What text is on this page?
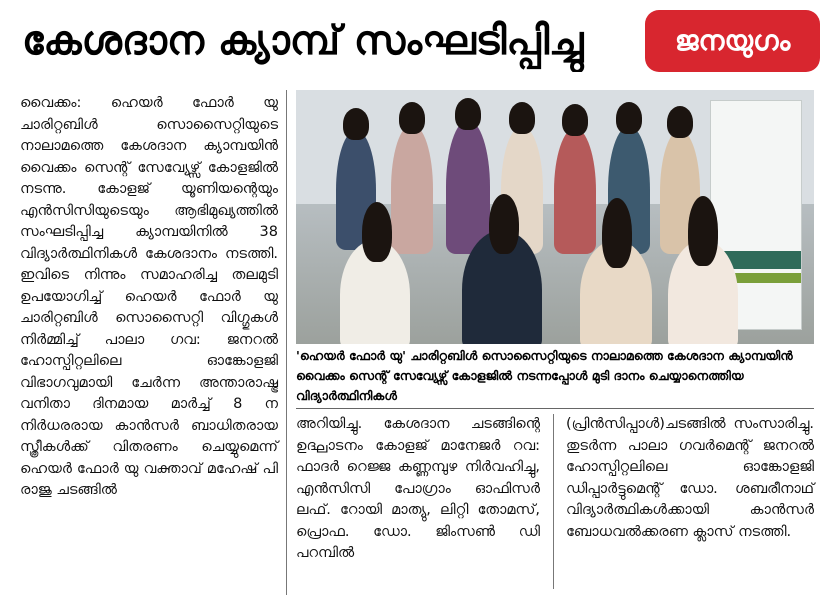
കേശദാന ക്യാമ്പ് സംഘടിപ്പിച്ചു	ജനയുഗം

വൈക്കം: ഹെയർ ഫോർ യു ചാരിറ്റബിൾ സൊസൈറ്റിയുടെ നാലാമത്തെ കേശദാന ക്യാമ്പയിൻ വൈക്കം സെന്റ് സേവ്യേഴ്സ് കോളജിൽ നടന്നു. കോളജ് യൂണിയന്റെയും എൻസിസിയുടെയും ആഭിമുഖ്യത്തിൽ സംഘടിപ്പിച്ച ക്യാമ്പയിനിൽ 38 വിദ്യാർത്ഥിനികൾ കേശദാനം നടത്തി. ഇവിടെ നിന്നും സമാഹരിച്ച തലമുടി ഉപയോഗിച്ച് ഹെയർ ഫോർ യു ചാരിറ്റബിൾ സൊസൈറ്റി വിഗ്ഗുകൾ നിർമ്മിച്ച് പാലാ ഗവ: ജനറൽ ഹോസ്പിറ്റലിലെ ഓങ്കോളജി വിഭാഗവുമായി ചേർന്ന അന്താരാഷ്ട്ര വനിതാ ദിനമായ മാർച്ച് 8 ന നിർധരരായ കാൻസർ ബാധിതരായ സ്ത്രീകൾക്ക് വിതരണം ചെയ്യുമെന്ന് ഹെയർ ഫോർ യു വക്താവ് മഹേഷ് പി രാജു ചടങ്ങിൽ

'ഹെയർ ഫോർ യു' ചാരിറ്റബിൾ സൊസൈറ്റിയുടെ നാലാമത്തെ കേശദാന ക്യാമ്പയിൻ വൈക്കം സെന്റ് സേവ്യേഴ്സ് കോളജിൽ നടന്നപ്പോൾ മുടി ദാനം ചെയ്യാനെത്തിയ വിദ്യാർത്ഥിനികൾ

അറിയിച്ചു. കേശദാന ചടങ്ങിന്റെ ഉദ്ഘാടനം കോളജ് മാനേജർ റവ: ഫാദർ റെജ്ജ കണ്ണമ്പുഴ നിർവഹിച്ചു, എൻസിസി പോഗ്രാം ഓഫിസർ ലഫ്. റോയി മാത്യു, ലിറ്റി തോമസ്, പ്രൊഫ. ഡോ. ജിംസൺ ഡി പറമ്പിൽ

(പ്രിൻസിപ്പാൾ)ചടങ്ങിൽ സംസാരിച്ചു. തുടർന്ന പാലാ ഗവർമെന്റ് ജനറൽ ഹോസ്പിറ്റലിലെ ഓങ്കോളജി ഡിപ്പാർട്ടുമെന്റ് ഡോ. ശബരീനാഥ് വിദ്യാർത്ഥികൾക്കായി കാൻസർ ബോധവൽക്കരണ ക്ലാസ് നടത്തി.
